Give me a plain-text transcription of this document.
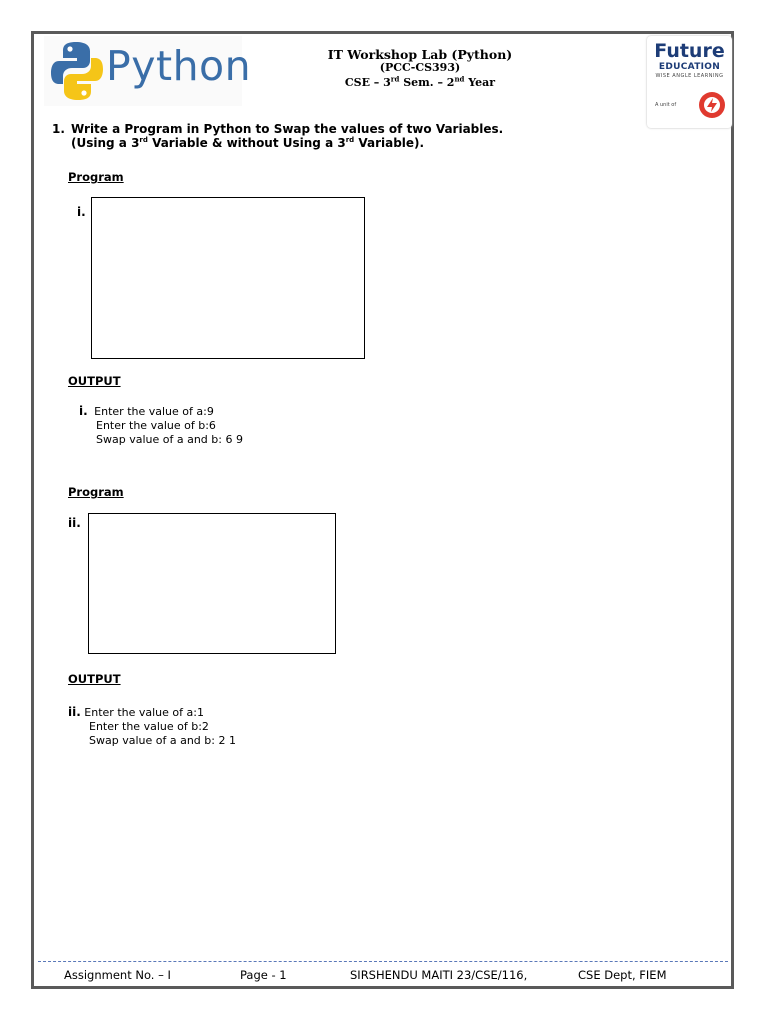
Python	IT Workshop Lab (Python)
(PCC-CS393)
CSE – 3rd Sem. – 2nd Year
Future
EDUCATION
WISE ANGLE LEARNING
A unit of
1. Write a Program in Python to Swap the values of two Variables.
(Using a 3rd Variable & without Using a 3rd Variable).
Program
i.
OUTPUT
i. Enter the value of a:9
Enter the value of b:6
Swap value of a and b: 6 9
Program
ii.
OUTPUT
ii. Enter the value of a:1
Enter the value of b:2
Swap value of a and b: 2 1
Assignment No. – I	Page - 1	SIRSHENDU MAITI 23/CSE/116,	CSE Dept, FIEM
